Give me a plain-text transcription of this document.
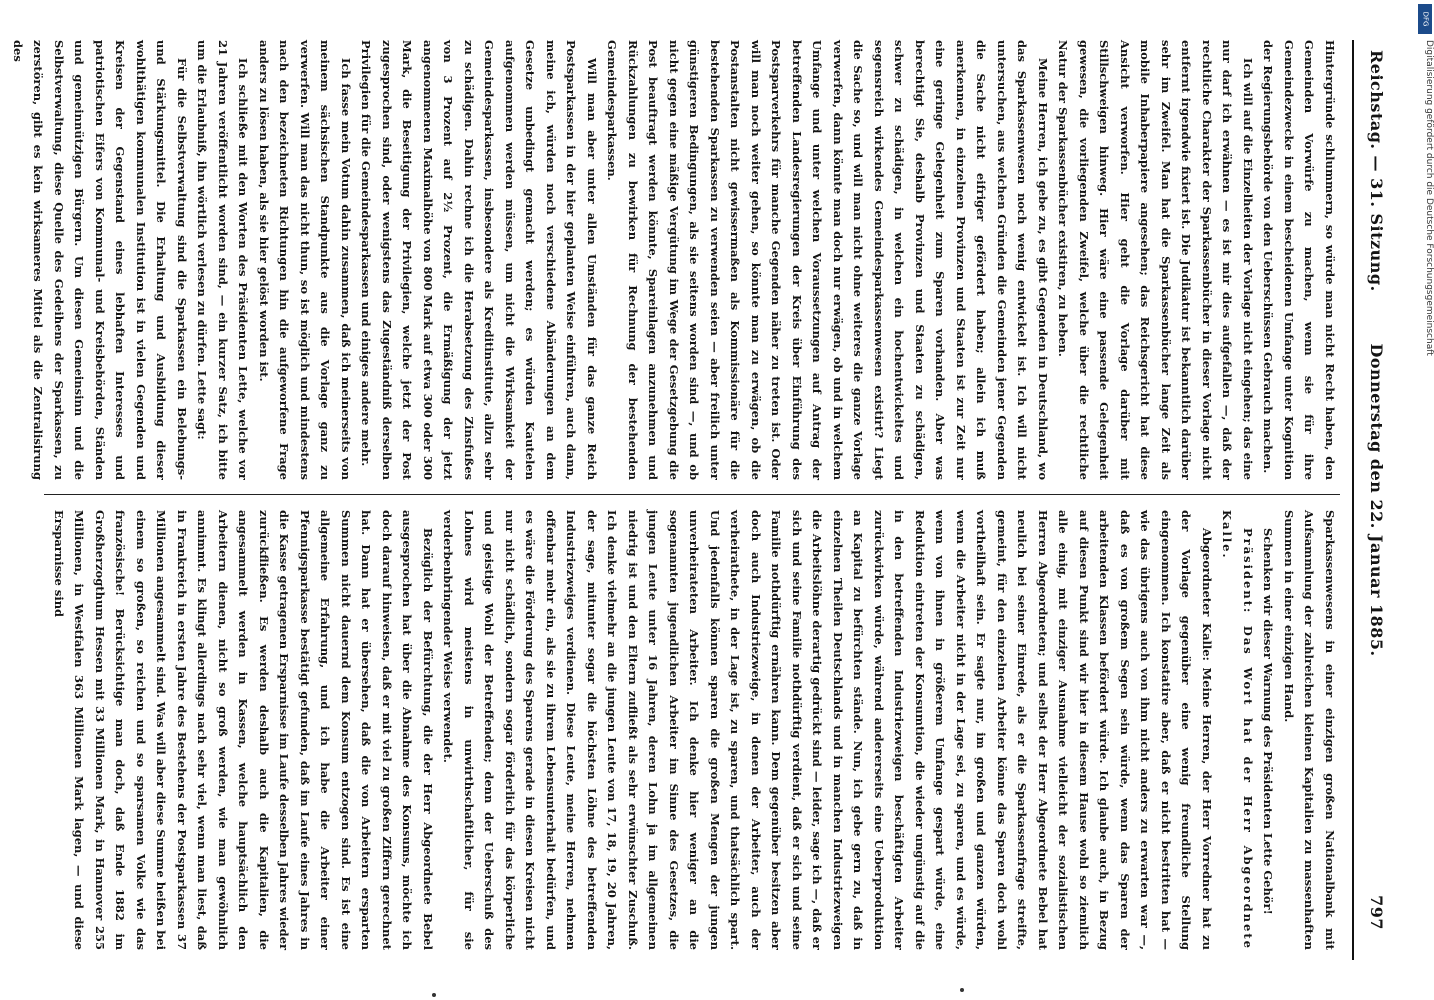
Reichstag. — 31. Sitzung.
Donnerstag den 22. Januar 1885.
797

Hintergründe schlummern, so würde man nicht Recht haben, den Gemeinden Vorwürfe zu machen, wenn sie für ihre Gemeindezwecke in einem bescheidenen Umfange unter Kognition der Regierungsbehörde von den Ueberschüssen Gebrauch machen.

Ich will auf die Einzelheiten der Vorlage nicht eingehen; das eine nur darf ich erwähnen — es ist mir dies aufgefallen —, daß der rechtliche Charakter der Sparkassenbücher in dieser Vorlage nicht entfernt irgendwie fixiert ist. Die Judikatur ist bekanntlich darüber sehr im Zweifel. Man hat die Sparkassenbücher lange Zeit als mobile Inhaberpapiere angesehen; das Reichsgericht hat diese Ansicht verworfen. Hier geht die Vorlage darüber mit Stillschweigen hinweg. Hier wäre eine passende Gelegenheit gewesen, die vorliegenden Zweifel, welche über die rechtliche Natur der Sparkassenbücher existiren, zu heben.

Meine Herren, ich gebe zu, es gibt Gegenden in Deutschland, wo das Sparkassenwesen noch wenig entwickelt ist. Ich will nicht untersuchen, aus welchen Gründen die Gemeinden jener Gegenden die Sache nicht eifriger gefördert haben; allein ich muß anerkennen, in einzelnen Provinzen und Staaten ist zur Zeit nur eine geringe Gelegenheit zum Sparen vorhanden. Aber was berechtigt Sie, deshalb Provinzen und Staaten zu schädigen, schwer zu schädigen, in welchen ein hochentwickeltes und segensreich wirkendes Gemeindesparkassenwesen existirt? Liegt die Sache so, und will man nicht ohne weiteres die ganze Vorlage verwerfen, dann könnte man doch nur erwägen, ob und in welchem Umfange und unter welchen Voraussetzungen auf Antrag der betreffenden Landesregierungen der Kreis über Einführung des Postsparverkehrs für manche Gegenden näher zu treten ist. Oder will man noch weiter gehen, so könnte man zu erwägen, ob die Postanstalten nicht gewissermaßen als Kommissionäre für die bestehenden Sparkassen zu verwenden seien — aber freilich unter günstigeren Bedingungen, als sie seitens worden sind —, und ob nicht gegen eine mäßige Vergütung im Wege der Gesetzgebung die Post beauftragt werden könnte, Spareinlagen anzunehmen und Rückzahlungen zu bewirken für Rechnung der bestehenden Gemeindesparkassen.

Will man aber unter allen Umständen für das ganze Reich Postsparkassen in der hier geplanten Weise einführen, auch dann, meine ich, würden noch verschiedene Abänderungen an dem Gesetze unbedingt gemacht werden; es würden Kautelen aufgenommen werden müssen, um nicht die Wirksamkeit der Gemeindesparkassen, insbesondere als Kreditinstitute, allzu sehr zu schädigen. Dahin rechne ich die Herabsetzung des Zinsfußes von 3 Prozent auf 2½ Prozent, die Ermäßigung der jetzt angenommenen Maximalhöhe von 800 Mark auf etwa 300 oder 300 Mark, die Beseitigung der Privilegien, welche jetzt der Post zugesprochen sind, oder wenigstens das Zugeständniß derselben Privilegien für die Gemeindesparkassen und einiges andere mehr.

Ich fasse mein Votum dahin zusammen, daß ich meinerseits von meinem sächsischen Standpunkte aus die Vorlage ganz zu verwerfen. Will man das nicht thun, so ist möglich und mindestens nach den bezeichneten Richtungen hin die aufgeworfene Frage anders zu lösen haben, als sie hier gelöst worden ist.

Ich schließe mit den Worten des Präsidenten Lette, welche vor 21 Jahren veröffentlicht worden sind, — ein kurzer Satz, ich bitte um die Erlaubniß, ihn wörtlich verlesen zu dürfen. Lette sagt:

Für die Selbstverwaltung sind die Sparkassen ein Belebungs- und Stärkungsmittel. Die Erhaltung und Ausbildung dieser wohlthätigen kommunalen Institution ist in vielen Gegenden und Kreisen der Gegenstand eines lebhaften Interesses und patriotischen Eifers von Kommunal- und Kreisbehörden, Ständen und gemeinnützigen Bürgern. Um diesen Gemeinsinn und die Selbstverwaltung, diese Quelle des Gedeihens der Sparkassen, zu zerstören, gibt es kein wirksameres Mittel als die Zentralisirung des

Sparkassenwesens in einer einzigen großen Nationalbank mit Aufsammlung der zahlreichen kleinen Kapitalien zu massenhaften Summen in einer einzigen Hand.

Schenken wir dieser Warnung des Präsidenten Lette Gehör!

Präsident: Das Wort hat der Herr Abgeordnete Kalle.

Abgeordneter Kalle: Meine Herren, der Herr Vorredner hat zu der Vorlage gegenüber eine wenig freundliche Stellung eingenommen. Ich konstatire aber, daß er nicht bestritten hat — wie das übrigens auch von ihm nicht anders zu erwarten war —, daß es von großem Segen sein würde, wenn das Sparen der arbeitenden Klassen befördert würde. Ich glaube auch, in Bezug auf diesen Punkt sind wir hier in diesem Hause wohl so ziemlich alle einig, mit einziger Ausnahme vielleicht der sozialistischen Herren Abgeordneten; und selbst der Herr Abgeordnete Bebel hat neulich bei seiner Einrede, als er die Sparkassenfrage streifte, gemeint, für den einzelnen Arbeiter könne das Sparen doch wohl vortheilhaft sein. Er sagte nur, im großen und ganzen würden, wenn die Arbeiter nicht in der Lage sei, zu sparen, und es würde, wenn von ihnen in größerem Umfange gespart würde, eine Reduktion eintreten der Konsumtion, die wieder ungünstig auf die in den betreffenden Industriezweigen beschäftigten Arbeiter zurückwirken würde, während andererseits eine Ueberproduktion an Kapital zu befürchten stände. Nun, ich gebe gern zu, daß in einzelnen Theilen Deutschlands und in manchen Industriezweigen die Arbeitslöhne derartig gedrückt sind — leider, sage ich —, daß er sich und seine Familie nothdürftig verdient, daß er sich und seine Familie nothdürftig ernähren kann. Dem gegenüber besitzen aber doch auch Industriezweige, in denen der Arbeiter, auch der verheirathete, in der Lage ist, zu sparen, und thatsächlich spart. Und jedenfalls können sparen die großen Mengen der jungen unverheirateten Arbeiter. Ich denke hier weniger an die sogenannten jugendlichen Arbeiter im Sinne des Gesetzes, die jungen Leute unter 16 Jahren, deren Lohn ja im allgemeinen niedrig ist und den Eltern zufließt als sehr erwünschter Zuschuß. Ich denke vielmehr an die jungen Leute von 17, 18, 19, 20 Jahren, der sage, mitunter sogar die höchsten Löhne des betreffenden Industriezweiges verdienen. Diese Leute, meine Herren, nehmen offenbar mehr ein, als sie zu ihrem Lebensunterhalt bedürfen, und es wäre die Förderung des Sparens gerade in diesen Kreisen nicht nur nicht schädlich, sondern sogar förderlich für das körperliche und geistige Wohl der Betreffenden; denn der Ueberschuß des Lohnes wird meistens in unwirthschaftlicher, für sie verderbenbringender Weise verwendet.

Bezüglich der Befürchtung, die der Herr Abgeordnete Bebel ausgesprochen hat über die Abnahme des Konsums, möchte ich doch darauf hinweisen, daß er mit viel zu großen Ziffern gerechnet hat. Dann hat er übersehen, daß die von Arbeitern ersparten Summen nicht dauernd dem Konsum entzogen sind. Es ist eine allgemeine Erfahrung, und ich habe die Arbeiter einer Pfennigsparkasse bestätigt gefunden, daß im Laufe eines Jahres in die Kasse getragenen Ersparnisse im Laufe desselben Jahres wieder zurückfließen. Es werden deshalb auch die Kapitalien, die angesammelt werden in Kassen, welche hauptsächlich den Arbeitern dienen, nicht so groß werden, wie man gewöhnlich annimmt. Es klingt allerdings nach sehr viel, wenn man liest, daß in Frankreich in ersten Jahre des Bestehens der Postsparkassen 37 Millionen angesammelt sind. Was will aber diese Summe heißen bei einem so großen, so reichen und so sparsamen Volke wie das französische! Berücksichtige man doch, daß Ende 1882 im Großherzogthum Hessen mit 33 Millionen Mark, in Hannover 255 Millionen, in Westfalen 363 Millionen Mark lagen, — und diese Ersparnisse sind

Digitalisierung gefördert durch die Deutsche Forschungsgemeinschaft
DFG
